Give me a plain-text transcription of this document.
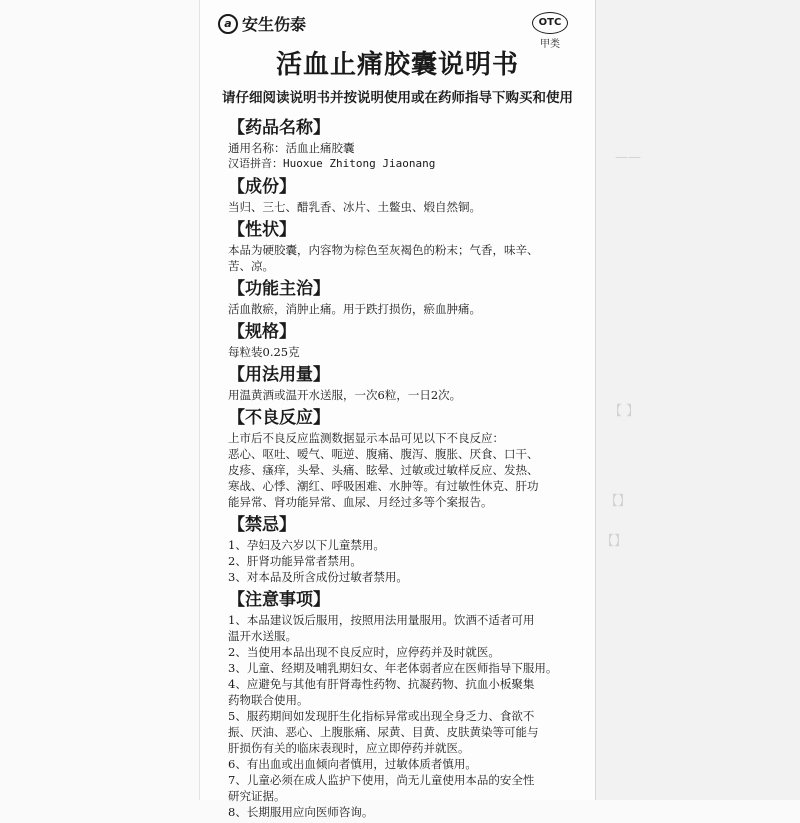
——
【 】
【】
【】
a 安生伤泰	OTC
甲类
活血止痛胶囊说明书
请仔细阅读说明书并按说明使用或在药师指导下购买和使用
【药品名称】
通用名称：活血止痛胶囊
汉语拼音：Huoxue Zhitong Jiaonang
【成份】
当归、三七、醋乳香、冰片、土鳖虫、煅自然铜。
【性状】
本品为硬胶囊，内容物为棕色至灰褐色的粉末；气香，味辛、
苦、凉。
【功能主治】
活血散瘀，消肿止痛。用于跌打损伤，瘀血肿痛。
【规格】
每粒装0.25克
【用法用量】
用温黄酒或温开水送服，一次6粒，一日2次。
【不良反应】
上市后不良反应监测数据显示本品可见以下不良反应：
恶心、呕吐、嗳气、呃逆、腹痛、腹泻、腹胀、厌食、口干、
皮疹、瘙痒，头晕、头痛、眩晕、过敏或过敏样反应、发热、
寒战、心悸、潮红、呼吸困难、水肿等。有过敏性休克、肝功
能异常、肾功能异常、血尿、月经过多等个案报告。
【禁忌】
1、孕妇及六岁以下儿童禁用。
2、肝肾功能异常者禁用。
3、对本品及所含成份过敏者禁用。
【注意事项】
1、本品建议饭后服用，按照用法用量服用。饮酒不适者可用
温开水送服。
2、当使用本品出现不良反应时，应停药并及时就医。
3、儿童、经期及哺乳期妇女、年老体弱者应在医师指导下服用。
4、应避免与其他有肝肾毒性药物、抗凝药物、抗血小板聚集
药物联合使用。
5、服药期间如发现肝生化指标异常或出现全身乏力、食欲不
振、厌油、恶心、上腹胀痛、尿黄、目黄、皮肤黄染等可能与
肝损伤有关的临床表现时，应立即停药并就医。
6、有出血或出血倾向者慎用，过敏体质者慎用。
7、儿童必须在成人监护下使用，尚无儿童使用本品的安全性
研究证据。
8、长期服用应向医师咨询。
